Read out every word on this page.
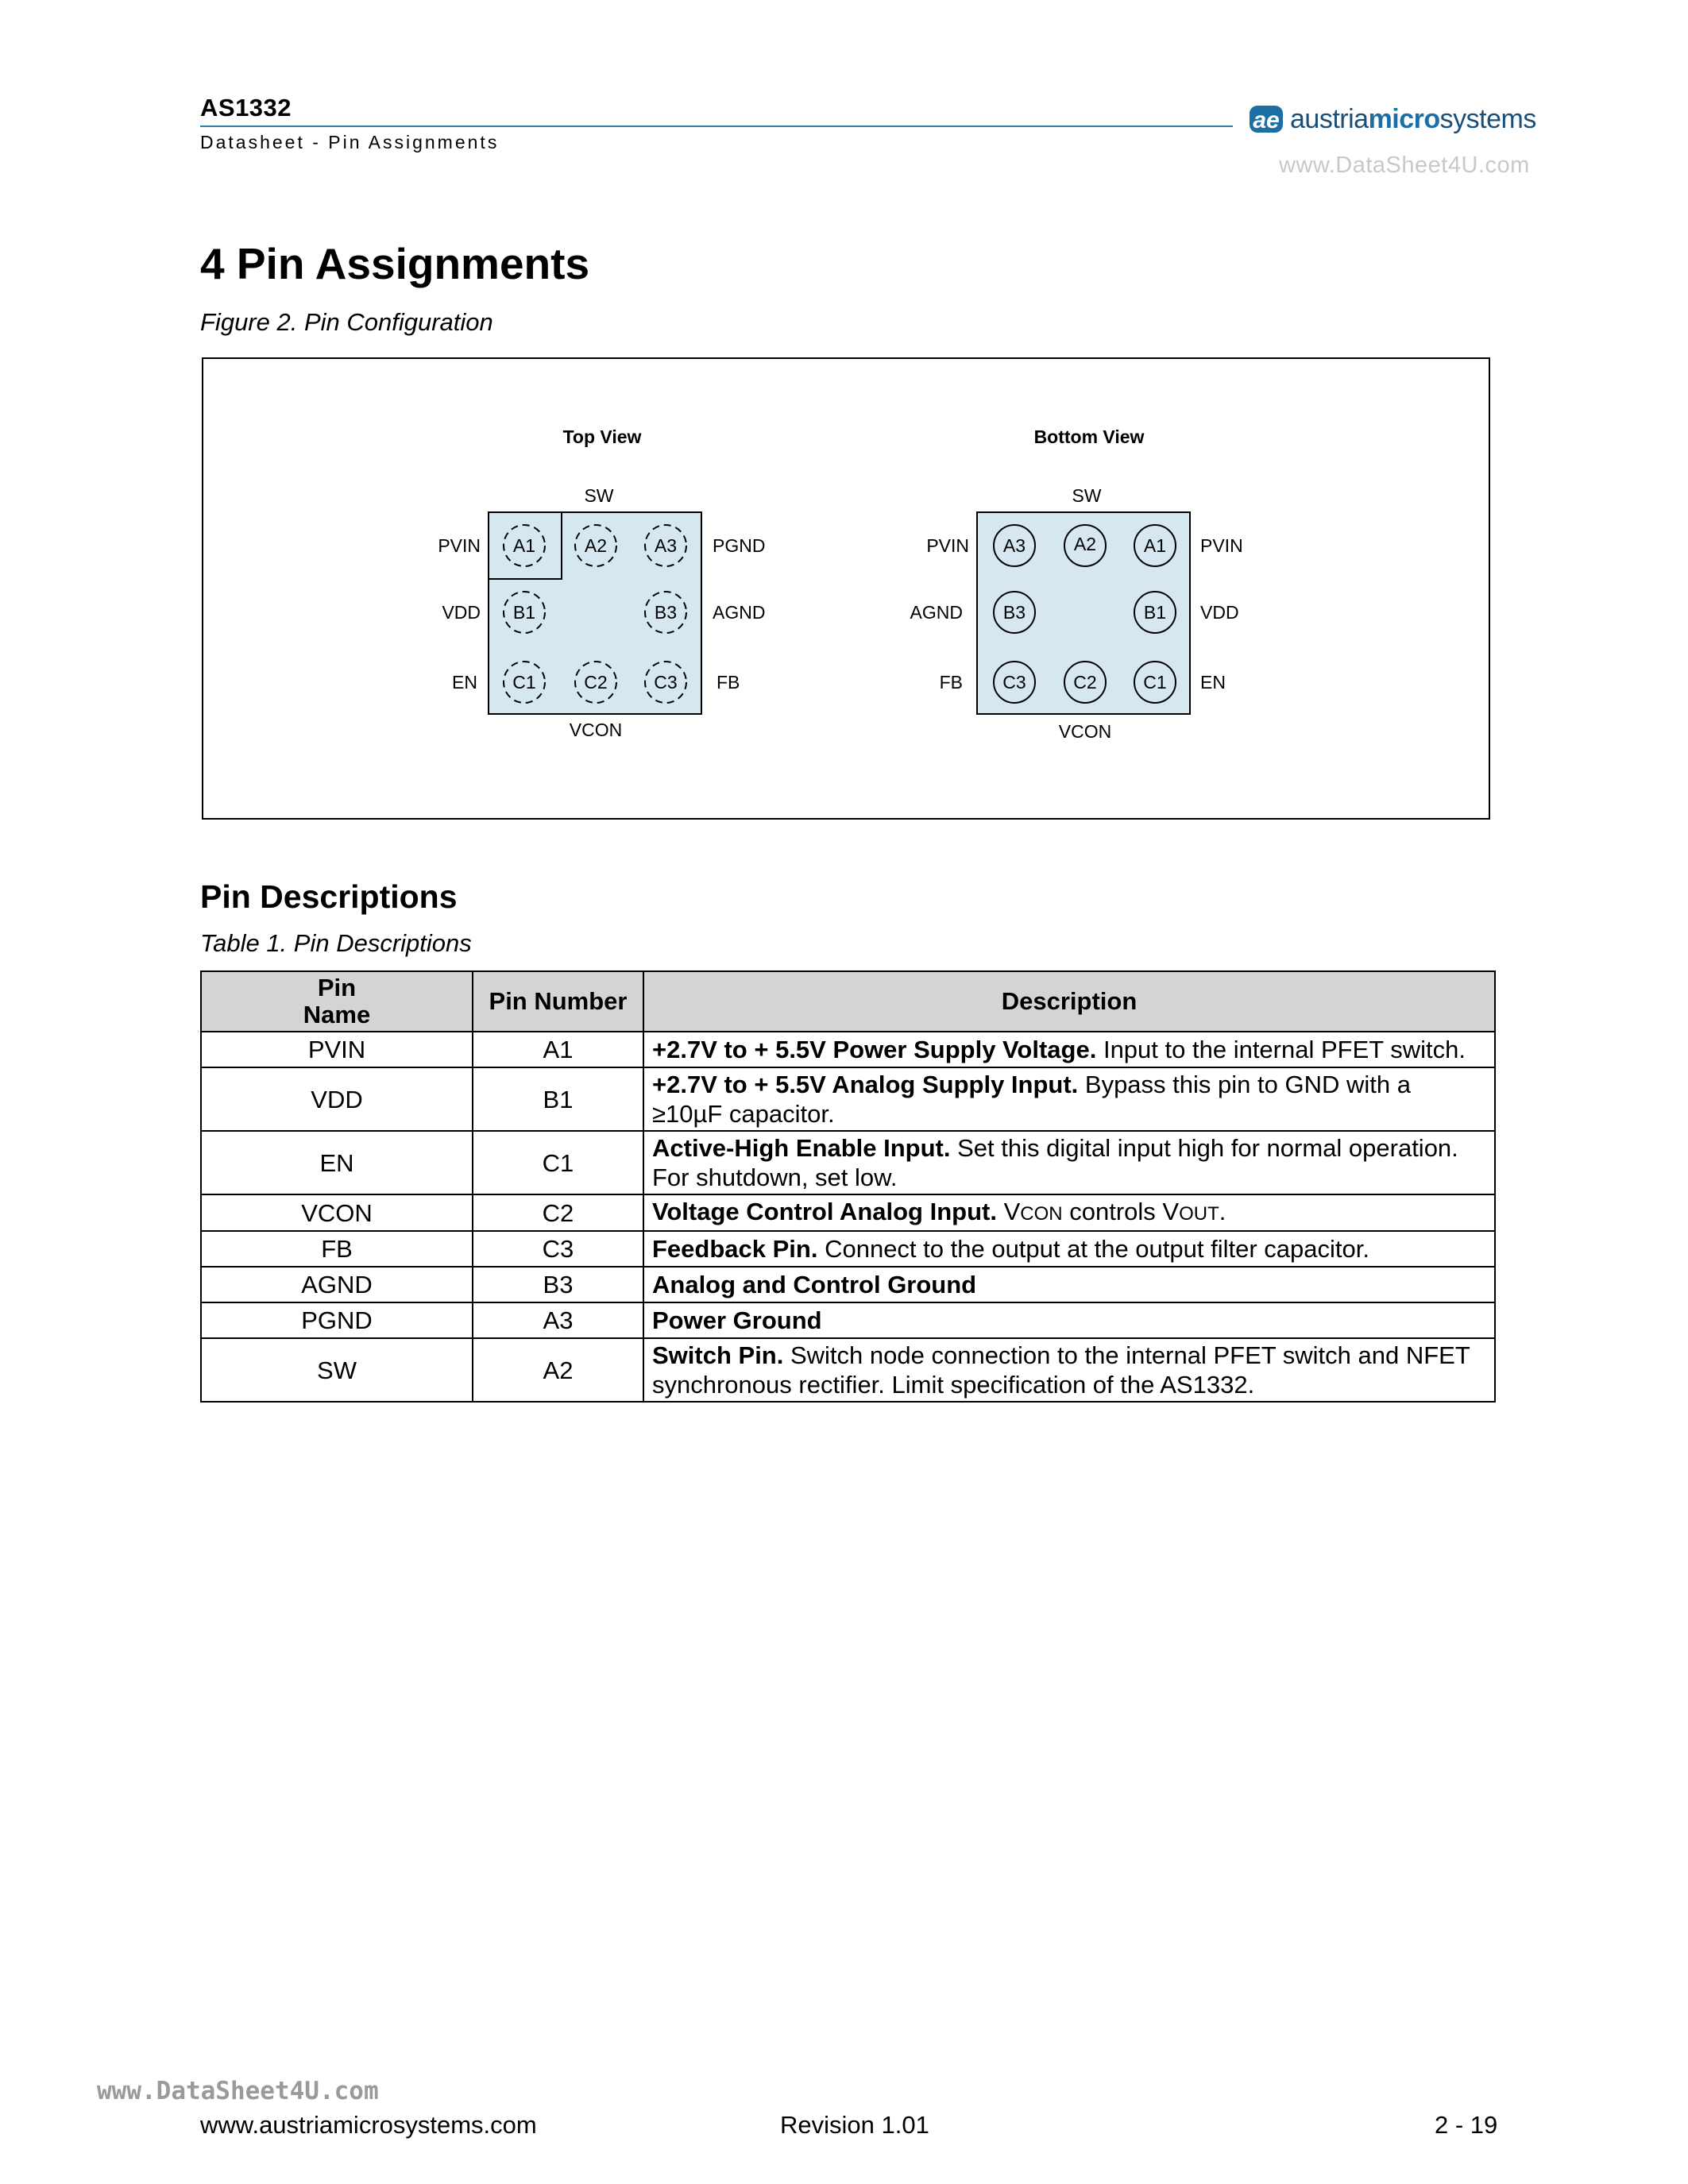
AS1332
Datasheet - Pin Assignments
ae austriamicrosystems
www.DataSheet4U.com
4 Pin Assignments
Figure 2. Pin Configuration
Top View
SW
PVIN
VDD
EN
PGND
AGND
FB
VCON
A1	A2	A3
B1	B3
C1	C2	C3
Bottom View
SW
PVIN
AGND
FB
PVIN
VDD
EN
VCON
A3	A2	A1
B3	B1
C3	C2	C1
Pin Descriptions
Table 1. Pin Descriptions
Pin
Name	Pin Number	Description
PVIN	A1	+2.7V to + 5.5V Power Supply Voltage. Input to the internal PFET switch.
VDD	B1	+2.7V to + 5.5V Analog Supply Input. Bypass this pin to GND with a ≥10µF capacitor.
EN	C1	Active-High Enable Input. Set this digital input high for normal operation. For shutdown, set low.
VCON	C2	Voltage Control Analog Input. VCON controls VOUT.
FB	C3	Feedback Pin. Connect to the output at the output filter capacitor.
AGND	B3	Analog and Control Ground
PGND	A3	Power Ground
SW	A2	Switch Pin. Switch node connection to the internal PFET switch and NFET synchronous rectifier. Limit specification of the AS1332.
www.DataSheet4U.com
www.austriamicrosystems.com	Revision 1.01	2 - 19
